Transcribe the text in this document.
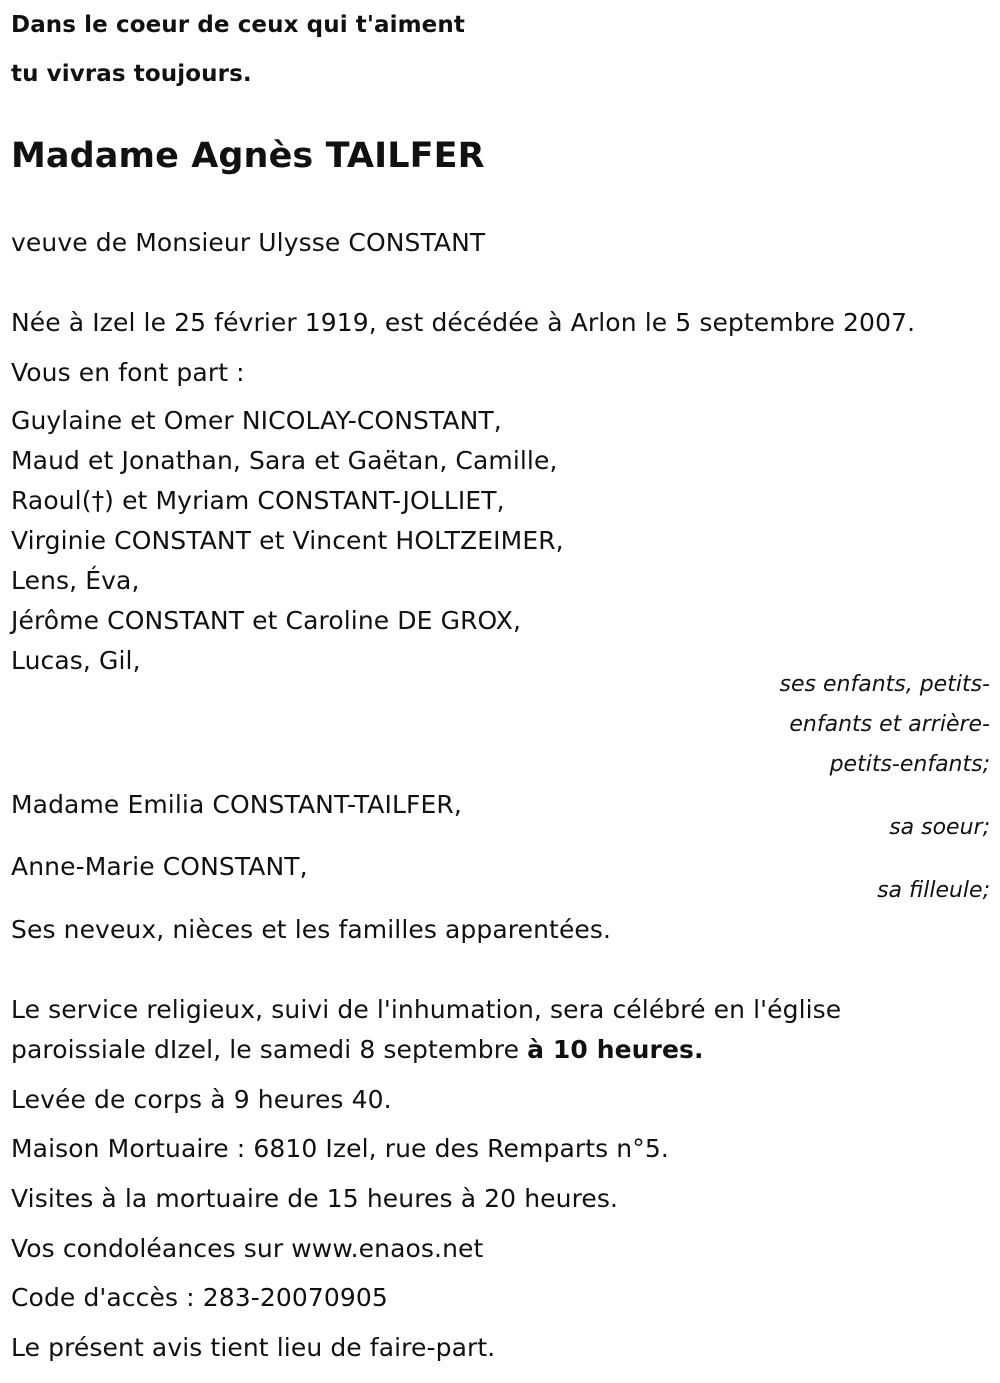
Dans le coeur de ceux qui t'aiment
tu vivras toujours.
Madame Agnès TAILFER
veuve de Monsieur Ulysse CONSTANT
Née à Izel le 25 février 1919, est décédée à Arlon le 5 septembre 2007.
Vous en font part :
Guylaine et Omer NICOLAY-CONSTANT,
Maud et Jonathan, Sara et Gaëtan, Camille,
Raoul(†) et Myriam CONSTANT-JOLLIET,
Virginie CONSTANT et Vincent HOLTZEIMER,
Lens, Éva,
Jérôme CONSTANT et Caroline DE GROX,
Lucas, Gil,
ses enfants, petits-
enfants et arrière-
petits-enfants;
Madame Emilia CONSTANT-TAILFER,
sa soeur;
Anne-Marie CONSTANT,
sa filleule;
Ses neveux, nièces et les familles apparentées.
Le service religieux, suivi de l'inhumation, sera célébré en l'église
paroissiale dIzel, le samedi 8 septembre à 10 heures.
Levée de corps à 9 heures 40.
Maison Mortuaire : 6810 Izel, rue des Remparts n°5.
Visites à la mortuaire de 15 heures à 20 heures.
Vos condoléances sur www.enaos.net
Code d'accès : 283-20070905
Le présent avis tient lieu de faire-part.
